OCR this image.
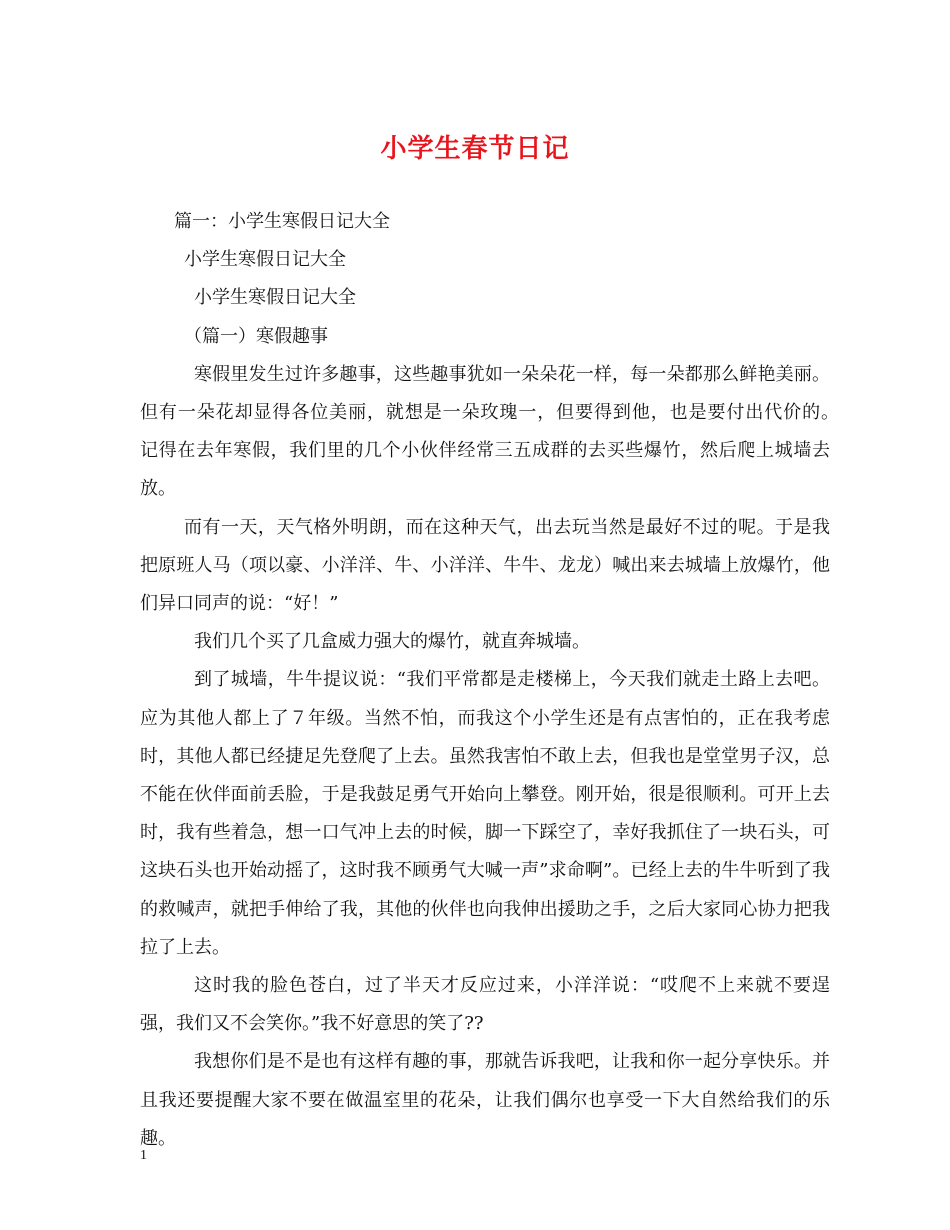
小学生春节日记
篇一：小学生寒假日记大全
小学生寒假日记大全
小学生寒假日记大全
（篇一）寒假趣事
寒假里发生过许多趣事，这些趣事犹如一朵朵花一样，每一朵都那么鲜艳美丽。但有一朵花却显得各位美丽，就想是一朵玫瑰一，但要得到他，也是要付出代价的。　记得在去年寒假，我们里的几个小伙伴经常三五成群的去买些爆竹，然后爬上城墙去放。
而有一天，天气格外明朗，而在这种天气，出去玩当然是最好不过的呢。于是我把原班人马（项以豪、小洋洋、牛、小洋洋、牛牛、龙龙）喊出来去城墙上放爆竹，他们异口同声的说：“好！”
我们几个买了几盒威力强大的爆竹，就直奔城墙。
到了城墙，牛牛提议说：“我们平常都是走楼梯上，今天我们就走土路上去吧。应为其他人都上了７年级。当然不怕，而我这个小学生还是有点害怕的，正在我考虑时，其他人都已经捷足先登爬了上去。虽然我害怕不敢上去，但我也是堂堂男子汉，总不能在伙伴面前丢脸，于是我鼓足勇气开始向上攀登。刚开始，很是很顺利。可开上去时，我有些着急，想一口气冲上去的时候，脚一下踩空了，幸好我抓住了一块石头，可这块石头也开始动摇了，这时我不顾勇气大喊一声”求命啊”。已经上去的牛牛听到了我的救喊声，就把手伸给了我，其他的伙伴也向我伸出援助之手，之后大家同心协力把我拉了上去。
这时我的脸色苍白，过了半天才反应过来，小洋洋说：“哎爬不上来就不要逞强，我们又不会笑你。”我不好意思的笑了??
我想你们是不是也有这样有趣的事，那就告诉我吧，让我和你一起分享快乐。并且我还要提醒大家不要在做温室里的花朵，让我们偶尔也享受一下大自然给我们的乐趣。
1
